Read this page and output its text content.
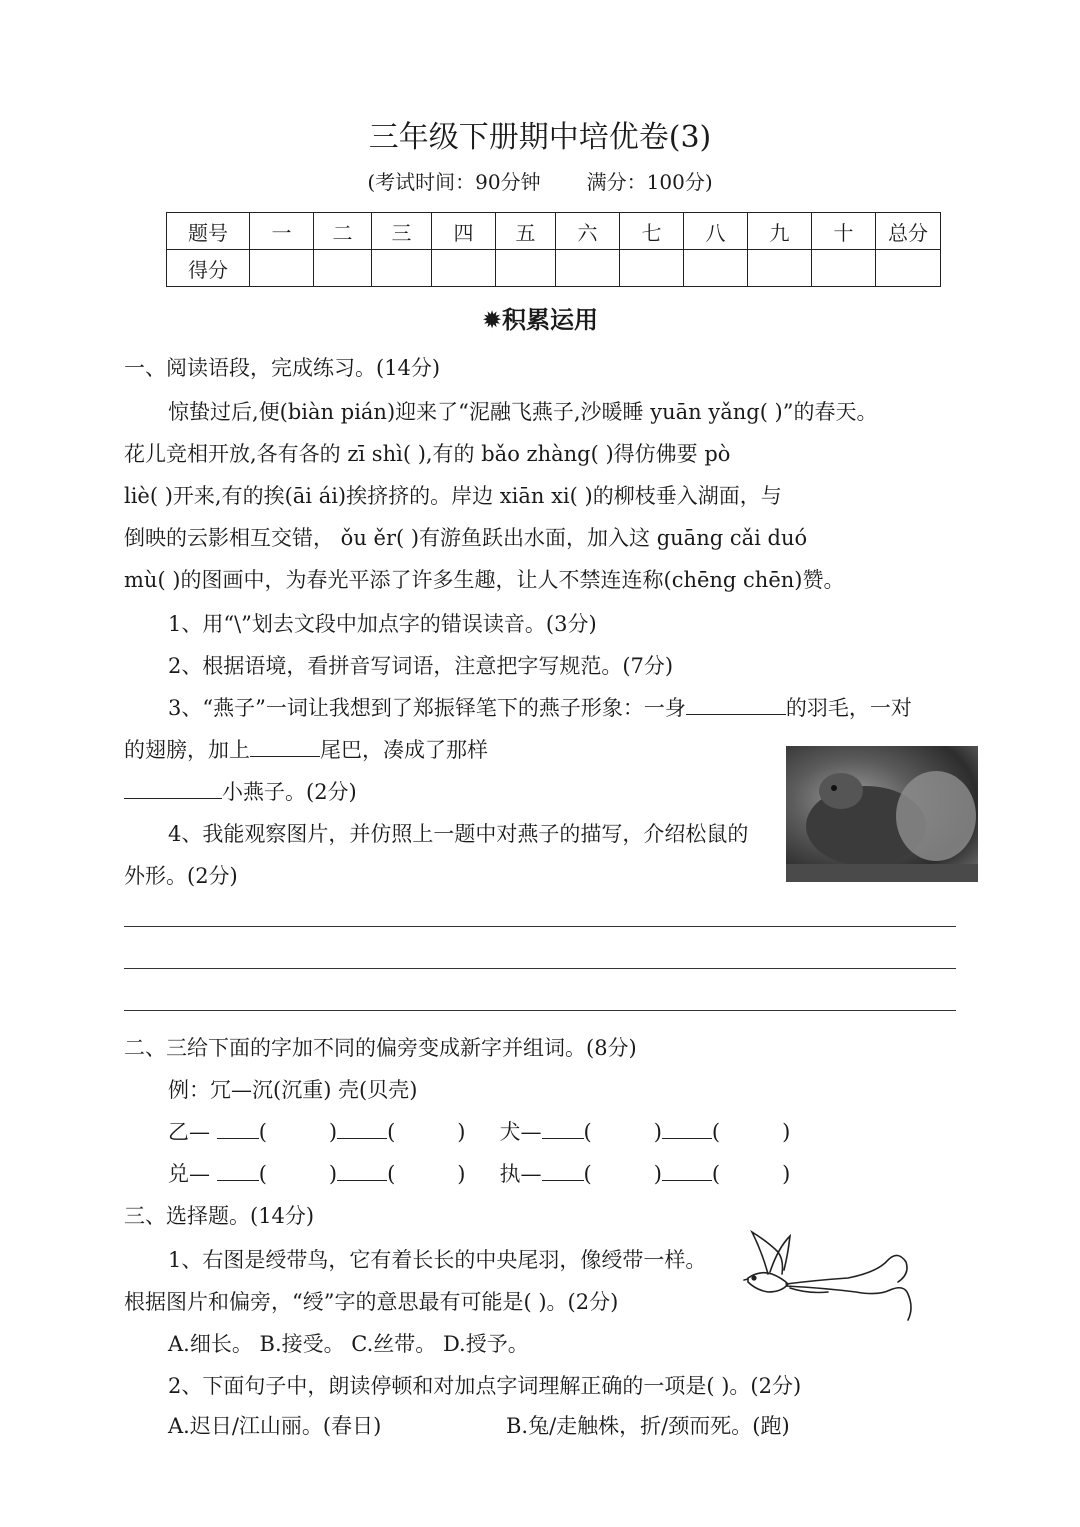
三年级下册期中培优卷(3)
(考试时间：90分钟 满分：100分)
题号	一	二	三	四	五	六	七	八	九	十	总分
得分											
✹积累运用
一、阅读语段，完成练习。(14分)
惊蛰过后,便(biàn pián)迎来了“泥融飞燕子,沙暖睡 yuān yǎng( )”的春天。
花儿竞相开放,各有各的 zī shì( ),有的 bǎo zhàng( )得仿佛要 pò
liè( )开来,有的挨(āi ái)挨挤挤的。岸边 xiān xi( )的柳枝垂入湖面，与
倒映的云影相互交错， ǒu ěr( )有游鱼跃出水面，加入这 guāng cǎi duó
mù( )的图画中，为春光平添了许多生趣，让人不禁连连称(chēng chēn)赞。
1、用“\”划去文段中加点字的错误读音。(3分)
2、根据语境，看拼音写词语，注意把字写规范。(7分)
3、“燕子”一词让我想到了郑振铎笔下的燕子形象：一身	的羽毛，一对
的翅膀，加上	尾巴，凑成了那样
小燕子。(2分)
4、我能观察图片，并仿照上一题中对燕子的描写，介绍松鼠的
外形。(2分)
二、三给下面的字加不同的偏旁变成新字并组词。(8分)
例：冗—沉(沉重) 壳(贝壳)
乙— (	) (	) 犬— (	) (	)
兑— (	) (	) 执— (	) (	)
三、选择题。(14分)
1、右图是绶带鸟，它有着长长的中央尾羽，像绶带一样。
根据图片和偏旁，“绶”字的意思最有可能是( )。(2分)
A.细长。 B.接受。 C.丝带。 D.授予。
2、下面句子中，朗读停顿和对加点字词理解正确的一项是( )。(2分)
A.迟日/江山丽。(春日)	B.兔/走触株，折/颈而死。(跑)
